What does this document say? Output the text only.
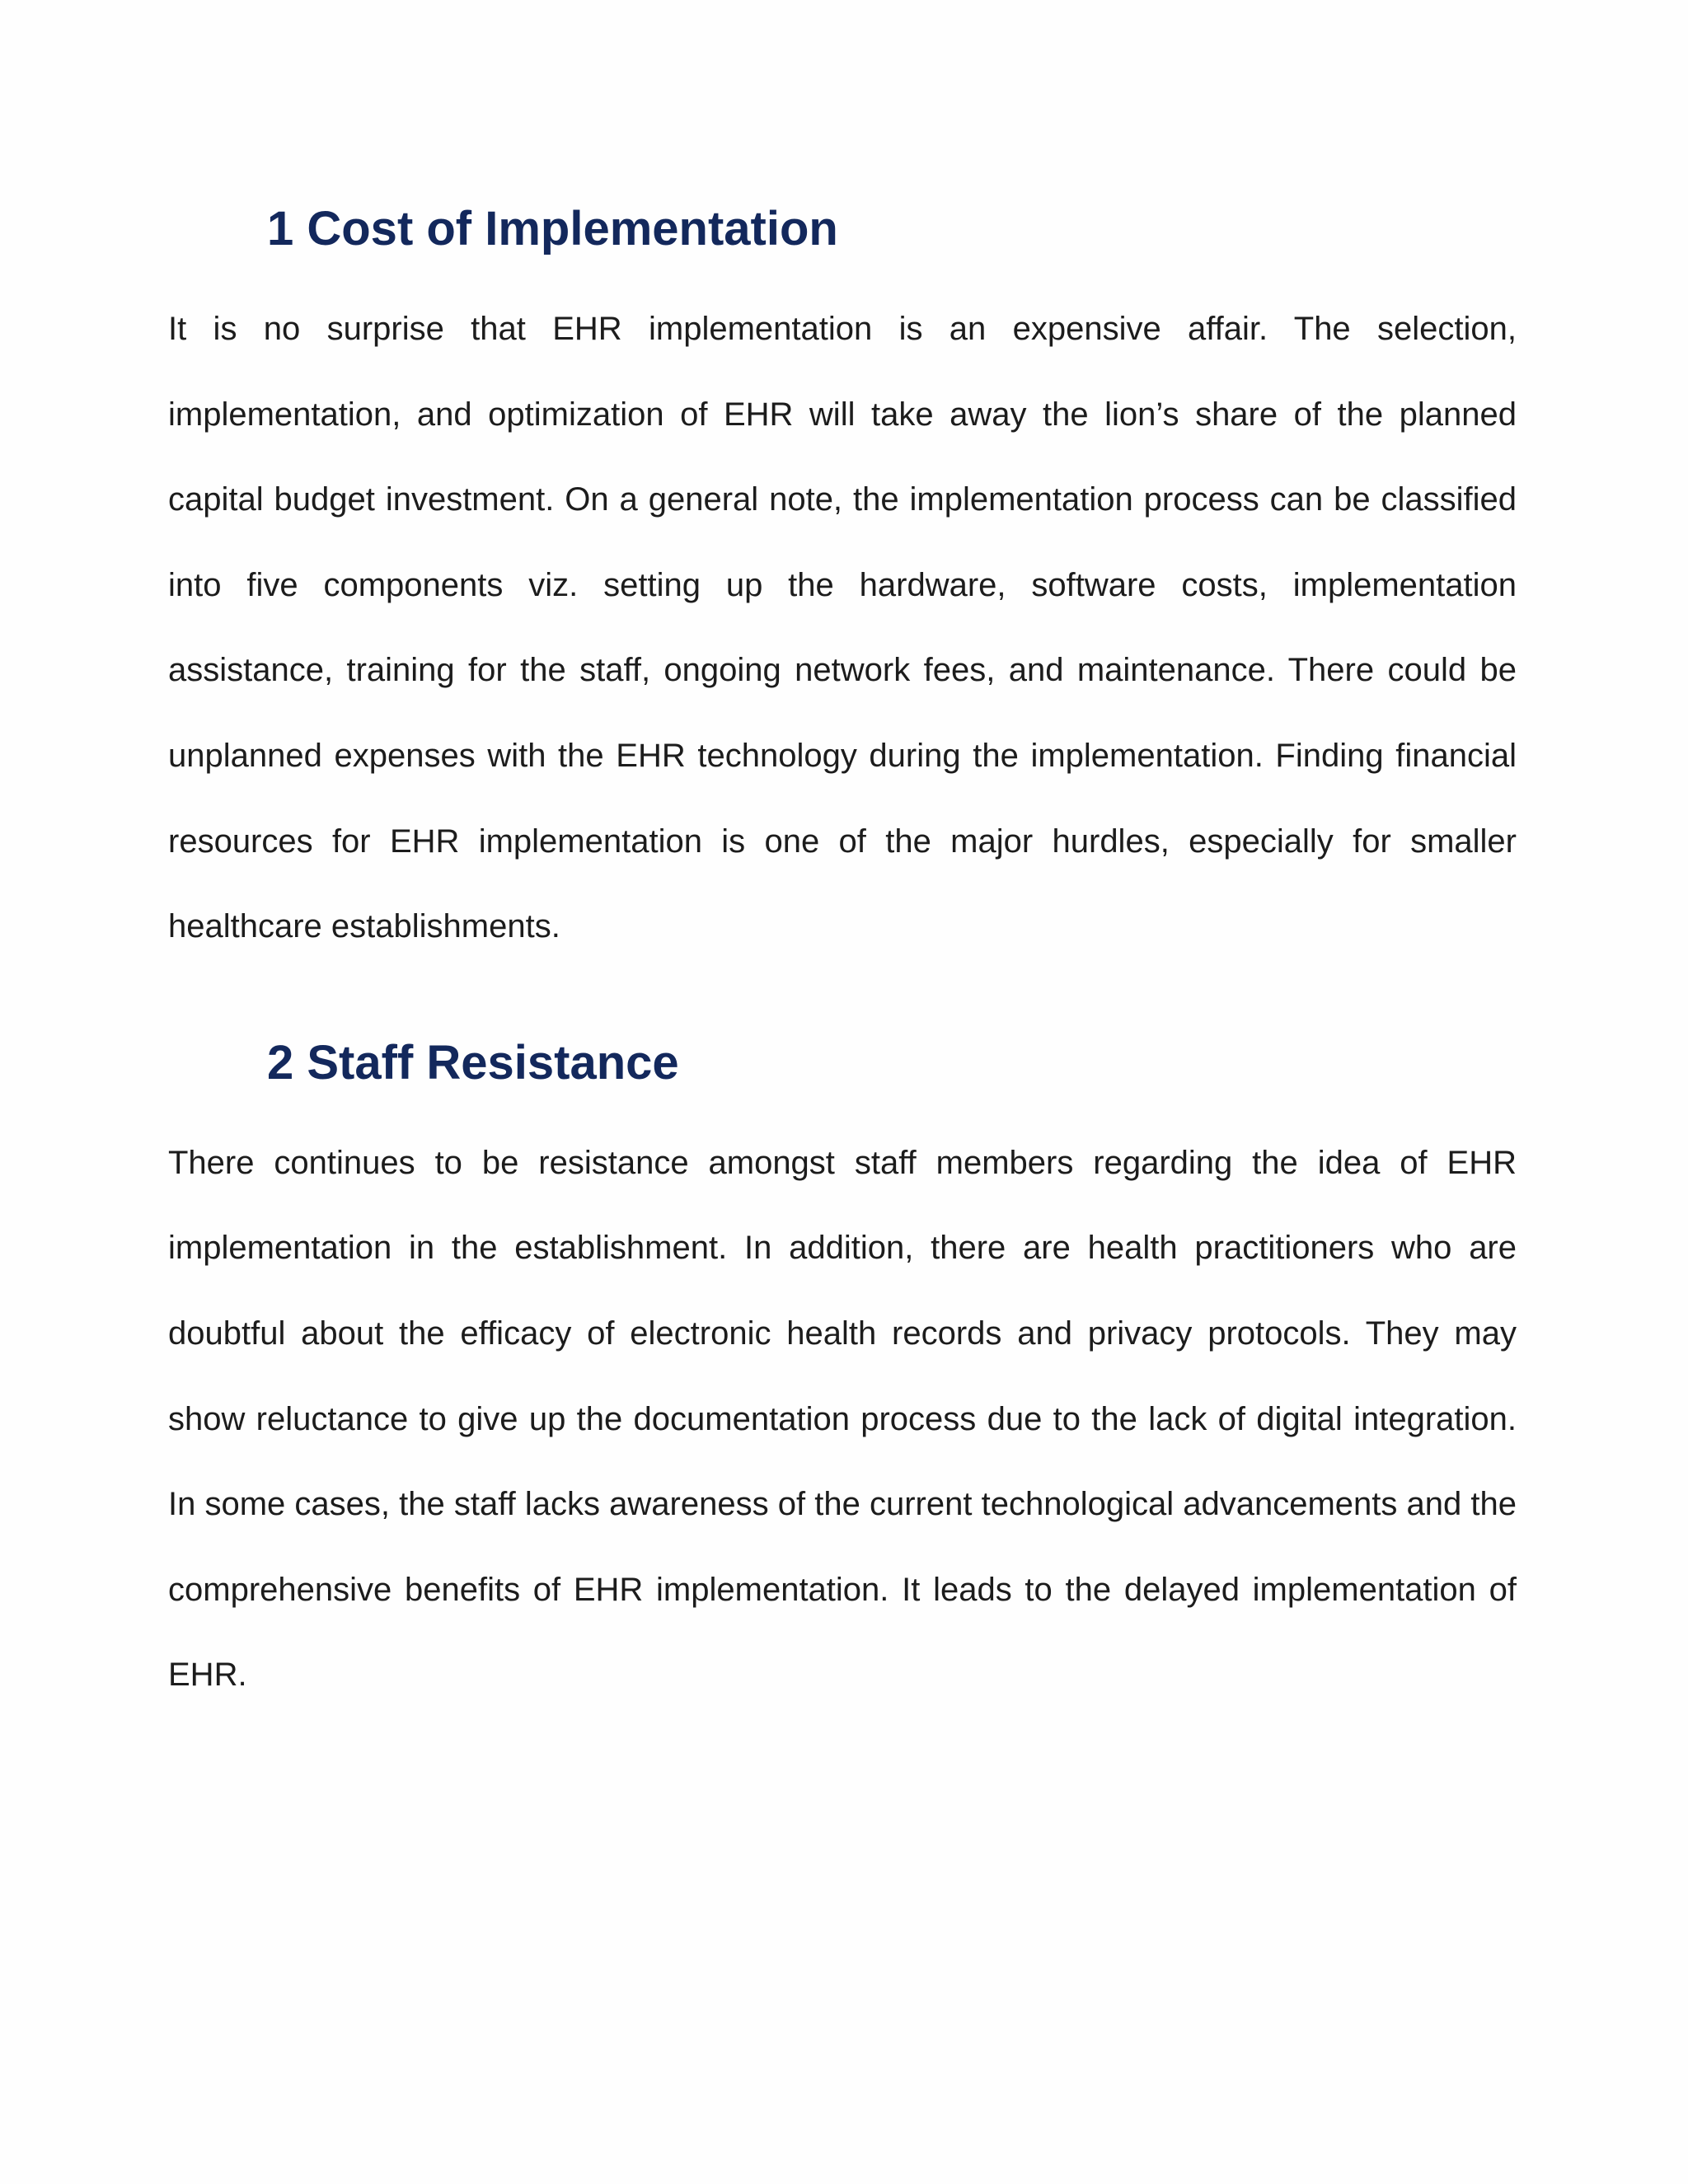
1 Cost of Implementation

It is no surprise that EHR implementation is an expensive affair. The selection, implementation, and optimization of EHR will take away the lion’s share of the planned capital budget investment. On a general note, the implementation process can be classified into five components viz. setting up the hardware, software costs, implementation assistance, training for the staff, ongoing network fees, and maintenance. There could be unplanned expenses with the EHR technology during the implementation. Finding financial resources for EHR implementation is one of the major hurdles, especially for smaller healthcare establishments.

2 Staff Resistance

There continues to be resistance amongst staff members regarding the idea of EHR implementation in the establishment. In addition, there are health practitioners who are doubtful about the efficacy of electronic health records and privacy protocols. They may show reluctance to give up the documentation process due to the lack of digital integration. In some cases, the staff lacks awareness of the current technological advancements and the comprehensive benefits of EHR implementation. It leads to the delayed implementation of EHR.
